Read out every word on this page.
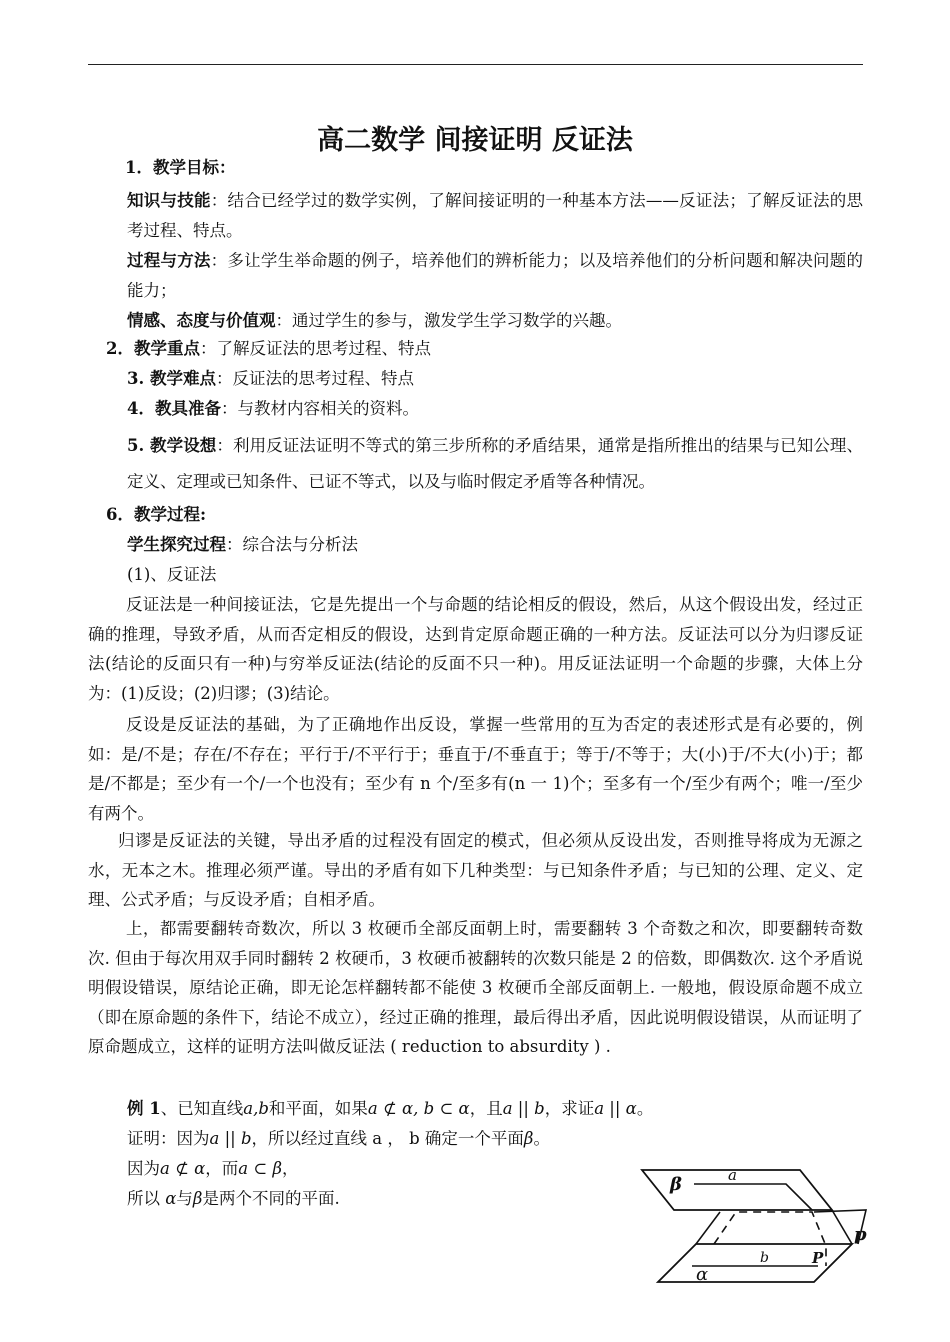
高二数学 间接证明 反证法
1．教学目标：

知识与技能：结合已经学过的数学实例，了解间接证明的一种基本方法——反证法；了解反证法的思考过程、特点。

过程与方法：多让学生举命题的例子，培养他们的辨析能力；以及培养他们的分析问题和解决问题的能力；

情感、态度与价值观：通过学生的参与，激发学生学习数学的兴趣。
2．教学重点：了解反证法的思考过程、特点
3. 教学难点：反证法的思考过程、特点
4．教具准备：与教材内容相关的资料。

5. 教学设想：利用反证法证明不等式的第三步所称的矛盾结果，通常是指所推出的结果与已知公理、定义、定理或已知条件、已证不等式，以及与临时假定矛盾等各种情况。

6．教学过程:
学生探究过程：综合法与分析法
(1)、反证法

反证法是一种间接证法，它是先提出一个与命题的结论相反的假设，然后，从这个假设出发，经过正确的推理，导致矛盾，从而否定相反的假设，达到肯定原命题正确的一种方法。反证法可以分为归谬反证法(结论的反面只有一种)与穷举反证法(结论的反面不只一种)。用反证法证明一个命题的步骤，大体上分为：(1)反设；(2)归谬；(3)结论。

反设是反证法的基础，为了正确地作出反设，掌握一些常用的互为否定的表述形式是有必要的，例如：是/不是；存在/不存在；平行于/不平行于；垂直于/不垂直于；等于/不等于；大(小)于/不大(小)于；都是/不都是；至少有一个/一个也没有；至少有 n 个/至多有(n 一 1)个；至多有一个/至少有两个；唯一/至少有两个。

归谬是反证法的关键，导出矛盾的过程没有固定的模式，但必须从反设出发，否则推导将成为无源之水，无本之木。推理必须严谨。导出的矛盾有如下几种类型：与已知条件矛盾；与已知的公理、定义、定理、公式矛盾；与反设矛盾；自相矛盾。

上，都需要翻转奇数次，所以 3 枚硬币全部反面朝上时，需要翻转 3 个奇数之和次，即要翻转奇数次. 但由于每次用双手同时翻转 2 枚硬币，3 枚硬币被翻转的次数只能是 2 的倍数，即偶数次. 这个矛盾说明假设错误，原结论正确，即无论怎样翻转都不能使 3 枚硬币全部反面朝上. 一般地，假设原命题不成立（即在原命题的条件下，结论不成立），经过正确的推理，最后得出矛盾，因此说明假设错误，从而证明了原命题成立，这样的证明方法叫做反证法 ( reduction to absurdity ) .

例 1、已知直线a,b和平面，如果a ⊄ α, b ⊂ α，且a || b，求证a || α。
证明：因为a || b，所以经过直线 a ， b 确定一个平面β。
因为a ⊄ α，而a ⊂ β，
所以 α与β是两个不同的平面.
β	a
p
α
b	P
